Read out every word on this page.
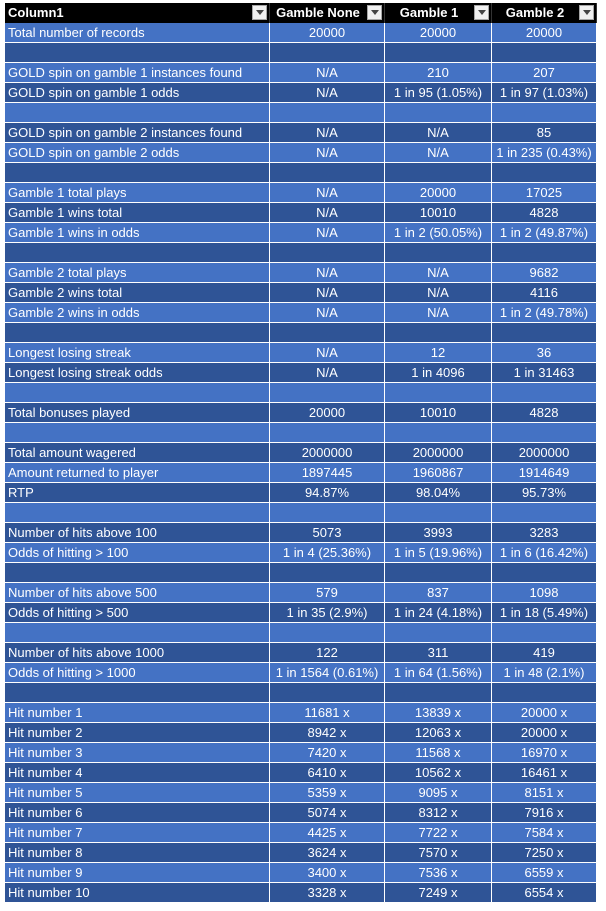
Column1	Gamble None	Gamble 1	Gamble 2
Total number of records	20000	20000	20000
GOLD spin on gamble 1 instances found	N/A	210	207
GOLD spin on gamble 1 odds	N/A	1 in 95 (1.05%)	1 in 97 (1.03%)
GOLD spin on gamble 2 instances found	N/A	N/A	85
GOLD spin on gamble 2 odds	N/A	N/A	1 in 235 (0.43%)
Gamble 1 total plays	N/A	20000	17025
Gamble 1 wins total	N/A	10010	4828
Gamble 1 wins in odds	N/A	1 in 2 (50.05%)	1 in 2 (49.87%)
Gamble 2 total plays	N/A	N/A	9682
Gamble 2 wins total	N/A	N/A	4116
Gamble 2 wins in odds	N/A	N/A	1 in 2 (49.78%)
Longest losing streak	N/A	12	36
Longest losing streak odds	N/A	1 in 4096	1 in 31463
Total bonuses played	20000	10010	4828
Total amount wagered	2000000	2000000	2000000
Amount returned to player	1897445	1960867	1914649
RTP	94.87%	98.04%	95.73%
Number of hits above 100	5073	3993	3283
Odds of hitting > 100	1 in 4 (25.36%)	1 in 5 (19.96%)	1 in 6 (16.42%)
Number of hits above 500	579	837	1098
Odds of hitting > 500	1 in 35 (2.9%)	1 in 24 (4.18%)	1 in 18 (5.49%)
Number of hits above 1000	122	311	419
Odds of hitting > 1000	1 in 1564 (0.61%)	1 in 64 (1.56%)	1 in 48 (2.1%)
Hit number 1	11681 x	13839 x	20000 x
Hit number 2	8942 x	12063 x	20000 x
Hit number 3	7420 x	11568 x	16970 x
Hit number 4	6410 x	10562 x	16461 x
Hit number 5	5359 x	9095 x	8151 x
Hit number 6	5074 x	8312 x	7916 x
Hit number 7	4425 x	7722 x	7584 x
Hit number 8	3624 x	7570 x	7250 x
Hit number 9	3400 x	7536 x	6559 x
Hit number 10	3328 x	7249 x	6554 x
